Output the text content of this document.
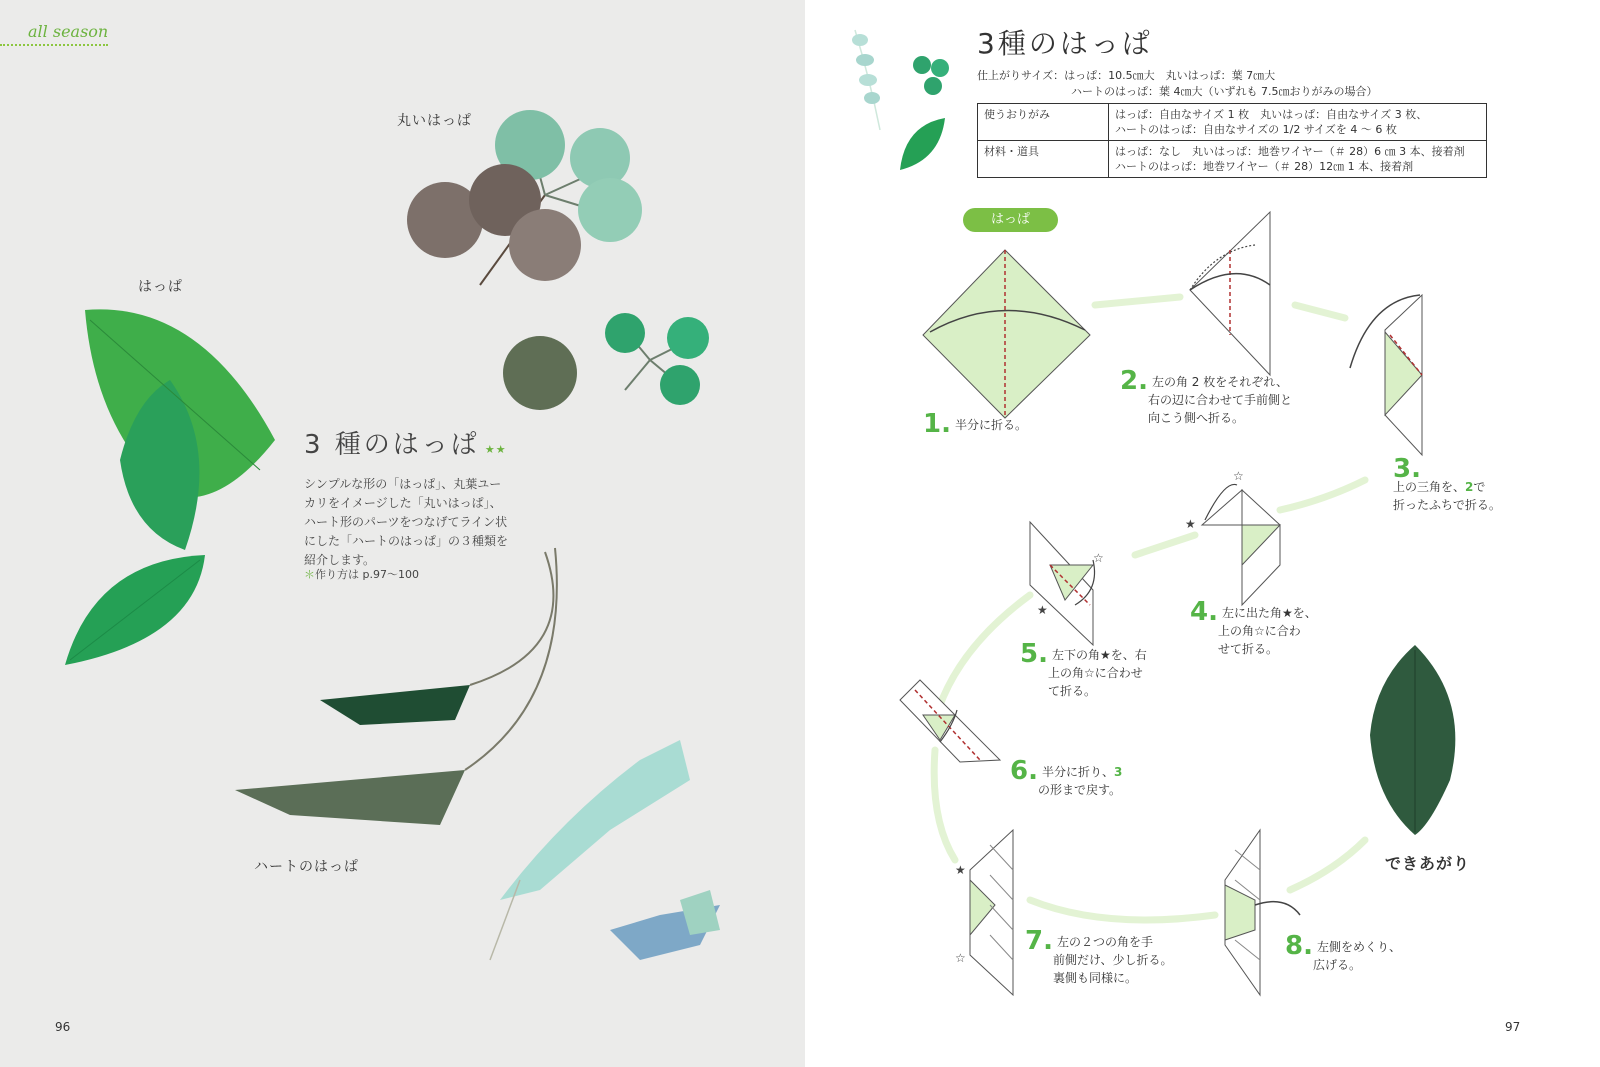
all season
丸いはっぱ
はっぱ
ハートのはっぱ
3 種のはっぱ ★★
シンプルな形の「はっぱ」、丸葉ユー
カリをイメージした「丸いはっぱ」、
ハート形のパーツをつなげてライン状
にした「ハートのはっぱ」の３種類を
紹介します。
＊作り方は p.97～100
96
3種のはっぱ
仕上がりサイズ：はっぱ：10.5㎝大　丸いはっぱ：葉 7㎝大
ハートのはっぱ：葉 4㎝大（いずれも 7.5㎝おりがみの場合）
使うおりがみ	はっぱ：自由なサイズ 1 枚　丸いはっぱ：自由なサイズ 3 枚、
ハートのはっぱ：自由なサイズの 1/2 サイズを 4 ～ 6 枚

材料・道具	はっぱ：なし　丸いはっぱ：地巻ワイヤー（＃ 28）6 ㎝ 3 本、接着剤
ハートのはっぱ：地巻ワイヤー（＃ 28）12㎝ 1 本、接着剤
はっぱ
☆
★
☆
★
★
☆
1. 半分に折る。
2. 左の角 2 枚をそれぞれ、
右の辺に合わせて手前側と
向こう側へ折る。
3.
上の三角を、2で
折ったふちで折る。
4. 左に出た角★を、
上の角☆に合わ
せて折る。
5. 左下の角★を、右
上の角☆に合わせ
て折る。
6. 半分に折り、3
の形まで戻す。
7. 左の２つの角を手
前側だけ、少し折る。
裏側も同様に。
8. 左側をめくり、
広げる。
できあがり
97
